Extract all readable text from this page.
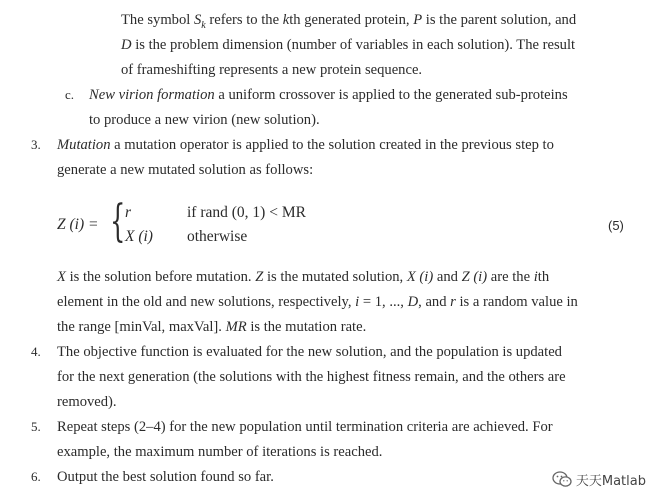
The symbol $S_k$ refers to the kth generated protein, P is the parent solution, and
D is the problem dimension (number of variables in each solution). The result
of frameshifting represents a new protein sequence.
c. New virion formation a uniform crossover is applied to the generated sub-proteins
to produce a new virion (new solution).
3. Mutation a mutation operator is applied to the solution created in the previous step to
generate a new mutated solution as follows:
Z (i) = { r	if rand (0, 1) < MR
X (i) otherwise
(5)
X is the solution before mutation. Z is the mutated solution, X (i) and Z (i) are the ith
element in the old and new solutions, respectively, i = 1, ..., D, and r is a random value in
the range [minVal, maxVal]. MR is the mutation rate.
4. The objective function is evaluated for the new solution, and the population is updated
for the next generation (the solutions with the highest fitness remain, and the others are
removed).
5. Repeat steps (2–4) for the new population until termination criteria are achieved. For
example, the maximum number of iterations is reached.
6. Output the best solution found so far.	天天Matlab
